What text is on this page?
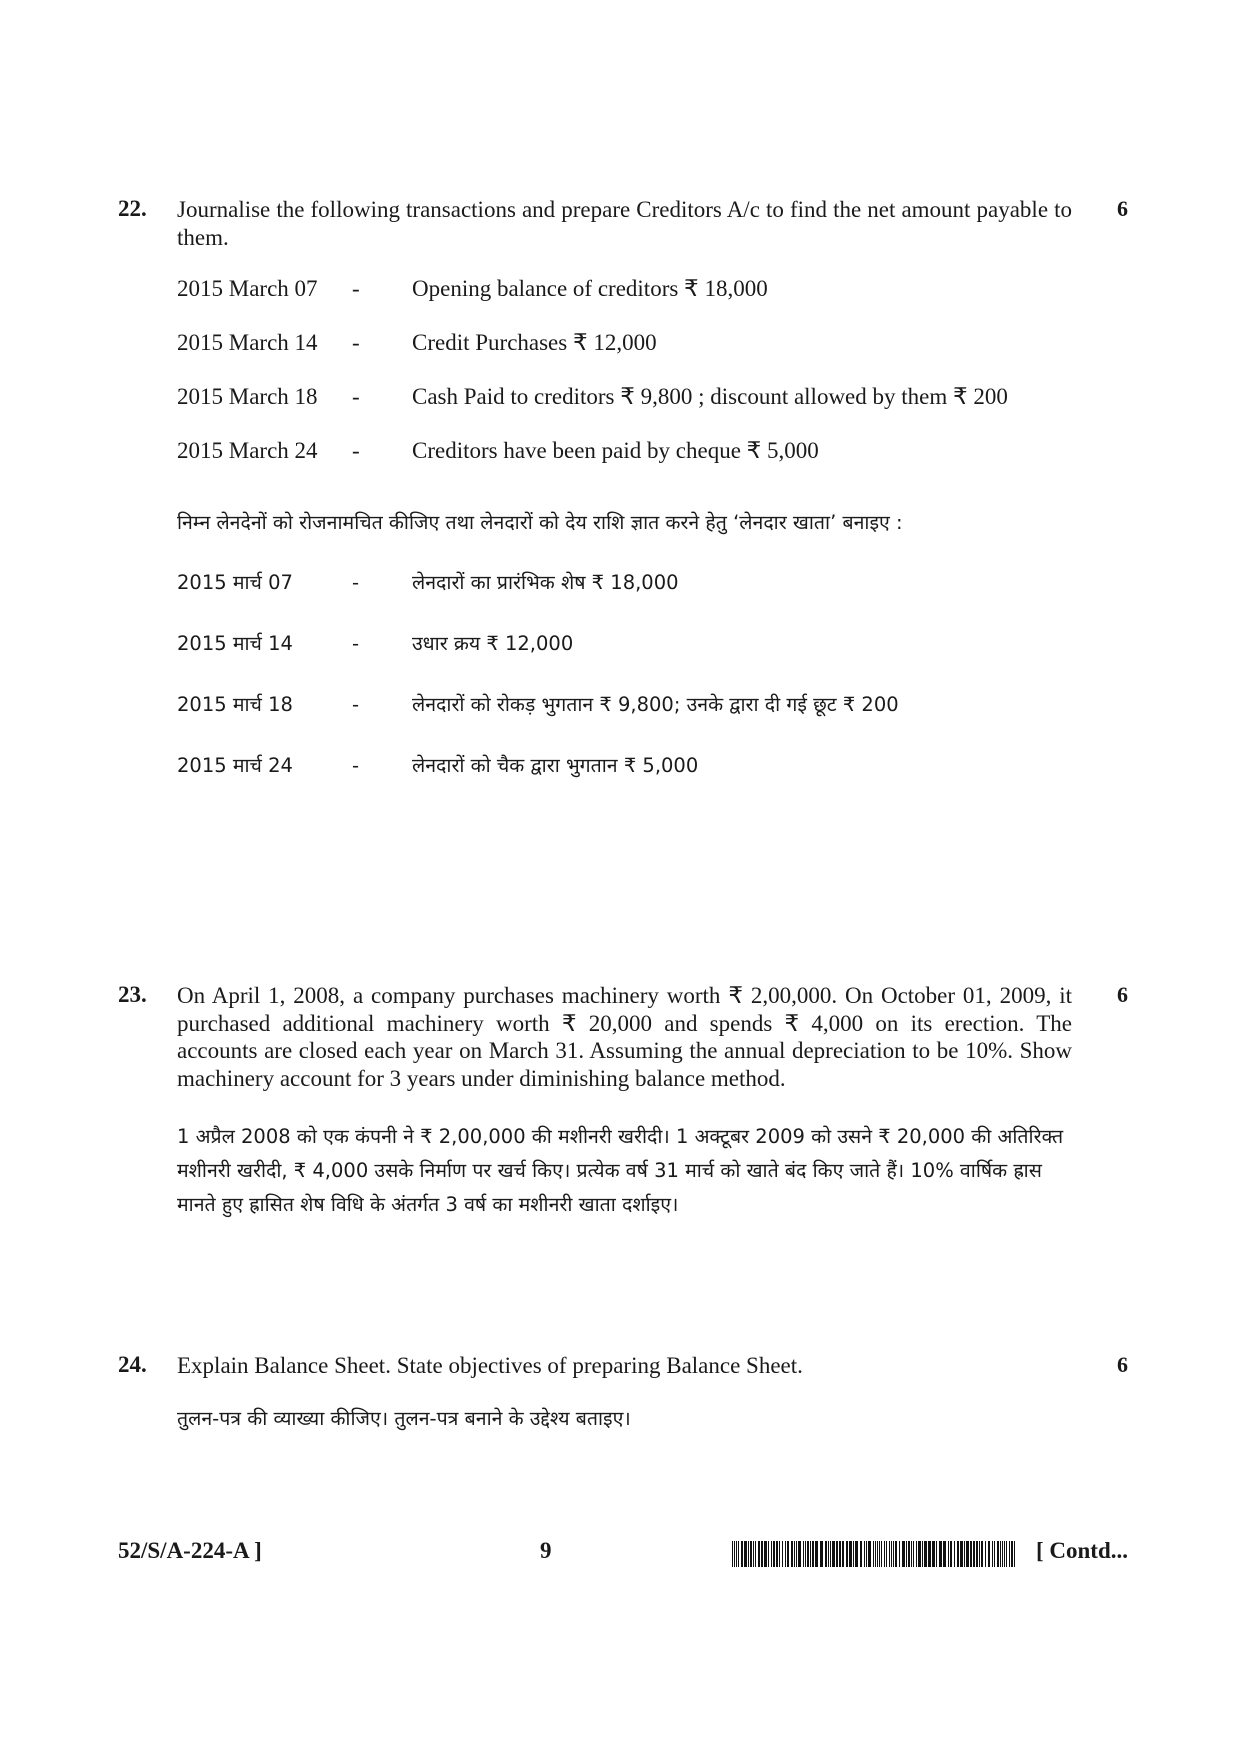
22.	6
Journalise the following transactions and prepare Creditors A/c to find the net amount payable to them.
2015 March 07	-	Opening balance of creditors ₹ 18,000
2015 March 14	-	Credit Purchases ₹ 12,000
2015 March 18	-	Cash Paid to creditors ₹ 9,800 ; discount allowed by them ₹ 200
2015 March 24	-	Creditors have been paid by cheque ₹ 5,000
निम्न लेनदेनों को रोजनामचित कीजिए तथा लेनदारों को देय राशि ज्ञात करने हेतु ‘लेनदार खाता’ बनाइए :
2015 मार्च 07	-	लेनदारों का प्रारंभिक शेष ₹ 18,000
2015 मार्च 14	-	उधार क्रय ₹ 12,000
2015 मार्च 18	-	लेनदारों को रोकड़ भुगतान ₹ 9,800; उनके द्वारा दी गई छूट ₹ 200
2015 मार्च 24	-	लेनदारों को चैक द्वारा भुगतान ₹ 5,000
23.	6
On April 1, 2008, a company purchases machinery worth ₹ 2,00,000. On October 01, 2009, it purchased additional machinery worth ₹ 20,000 and spends ₹ 4,000 on its erection. The accounts are closed each year on March 31. Assuming the annual depreciation to be 10%. Show machinery account for 3 years under diminishing balance method.
1 अप्रैल 2008 को एक कंपनी ने ₹ 2,00,000 की मशीनरी खरीदी। 1 अक्टूबर 2009 को उसने ₹ 20,000 की अतिरिक्त मशीनरी खरीदी, ₹ 4,000 उसके निर्माण पर खर्च किए। प्रत्येक वर्ष 31 मार्च को खाते बंद किए जाते हैं। 10% वार्षिक ह्रास मानते हुए ह्रासित शेष विधि के अंतर्गत 3 वर्ष का मशीनरी खाता दर्शाइए।
24.	6
Explain Balance Sheet. State objectives of preparing Balance Sheet.
तुलन-पत्र की व्याख्या कीजिए। तुलन-पत्र बनाने के उद्देश्य बताइए।
52/S/A-224-A ]	9	[ Contd...
